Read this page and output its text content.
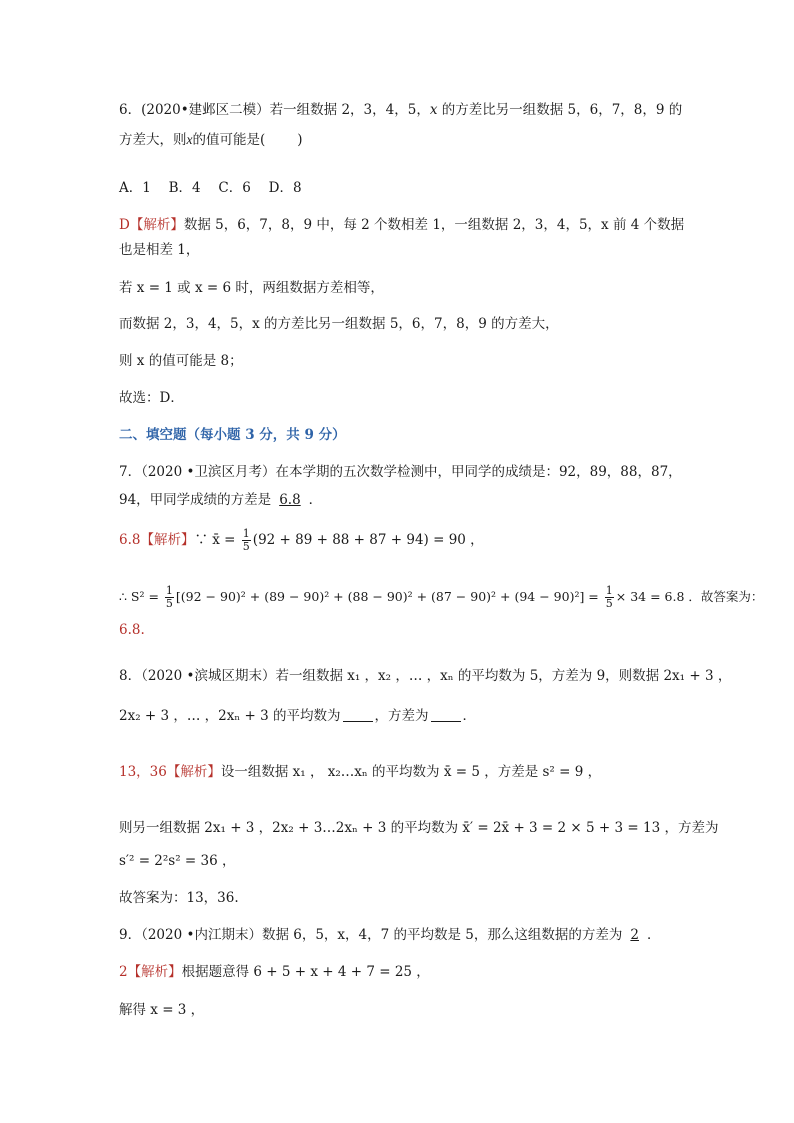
6．(2020•建邺区二模）若一组数据 2，3，4，5，𝑥 的方差比另一组数据 5，6，7，8，9 的
方差大，则x的值可能是( )
A．1　 B．4　 C．6　 D．8
D【解析】数据 5，6，7，8，9 中，每 2 个数相差 1，一组数据 2，3，4，5，x 前 4 个数据
也是相差 1，
若 x = 1 或 x = 6 时，两组数据方差相等，
而数据 2，3，4，5，x 的方差比另一组数据 5，6，7，8，9 的方差大，
则 x 的值可能是 8；
故选：D．
二、填空题（每小题 3 分，共 9 分）
7．（2020 •卫滨区月考）在本学期的五次数学检测中，甲同学的成绩是：92，89，88，87，
94，甲同学成绩的方差是 6.8 ．
6.8【解析】∵ x̄ = $\frac{1}{5} (92 + 89 + 88 + 87 + 94) = 90$ ，
∴ $S^2 = \frac{1}{5} [(92 - 90)^2 + (89 - 90)^2 + (88 - 90)^2 + (87 - 90)^2 + (94 - 90)^2] = \frac{1}{5} \times 34 = 6.8$ ．故答案为：
6.8.
8．（2020 •滨城区期末）若一组数据 x₁ ，x₂ ，… ，xₙ 的平均数为 5，方差为 9，则数据 2x₁ + 3 ，
2x₂ + 3 ，… ，2xₙ + 3 的平均数为	，方差为	．
13，36【解析】设一组数据 x₁ ， x₂…xₙ 的平均数为 x̄ = 5 ，方差是 s² = 9 ，
则另一组数据 2x₁ + 3 ，2x₂ + 3…2xₙ + 3 的平均数为 x̄′ = 2x̄ + 3 = 2 × 5 + 3 = 13 ，方差为
s′² = 2²s² = 36 ，
故答案为：13，36.
9．（2020 •内江期末）数据 6，5，x，4，7 的平均数是 5，那么这组数据的方差为 2 ．
2【解析】根据题意得 6 + 5 + x + 4 + 7 = 25 ，
解得 x = 3 ，
